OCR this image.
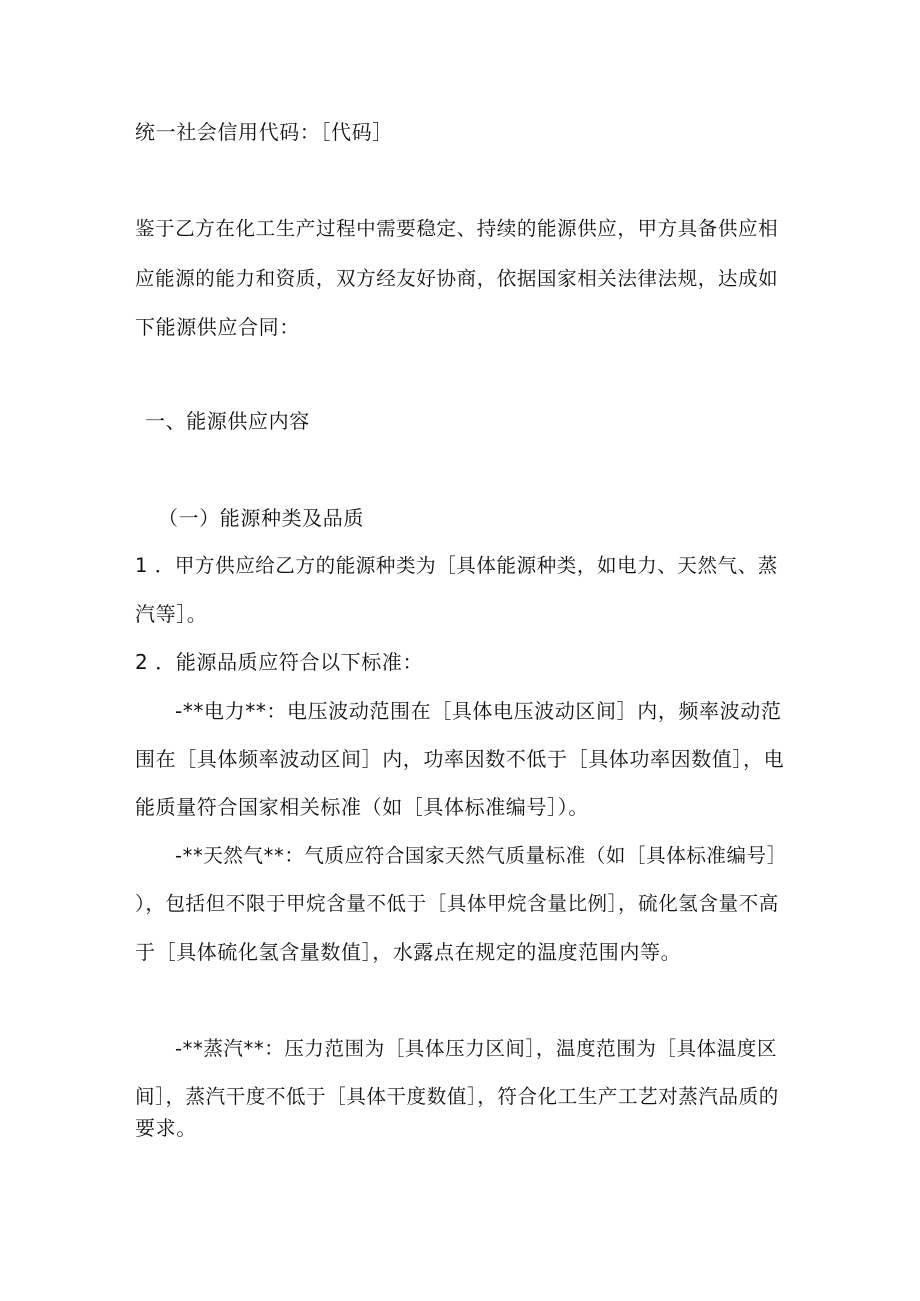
统一社会信用代码：［代码］
鉴于乙方在化工生产过程中需要稳定、持续的能源供应，甲方具备供应相
应能源的能力和资质，双方经友好协商，依据国家相关法律法规，达成如
下能源供应合同：
一、能源供应内容
（一）能源种类及品质
1 ．甲方供应给乙方的能源种类为［具体能源种类，如电力、天然气、蒸
汽等］。
2 ．能源品质应符合以下标准：
-**电力**：电压波动范围在［具体电压波动区间］内，频率波动范
围在［具体频率波动区间］内，功率因数不低于［具体功率因数值］，电
能质量符合国家相关标准（如［具体标准编号］）。
-**天然气**：气质应符合国家天然气质量标准（如［具体标准编号］
），包括但不限于甲烷含量不低于［具体甲烷含量比例］，硫化氢含量不高
于［具体硫化氢含量数值］，水露点在规定的温度范围内等。
-**蒸汽**：压力范围为［具体压力区间］，温度范围为［具体温度区
间］，蒸汽干度不低于［具体干度数值］，符合化工生产工艺对蒸汽品质的
要求。
